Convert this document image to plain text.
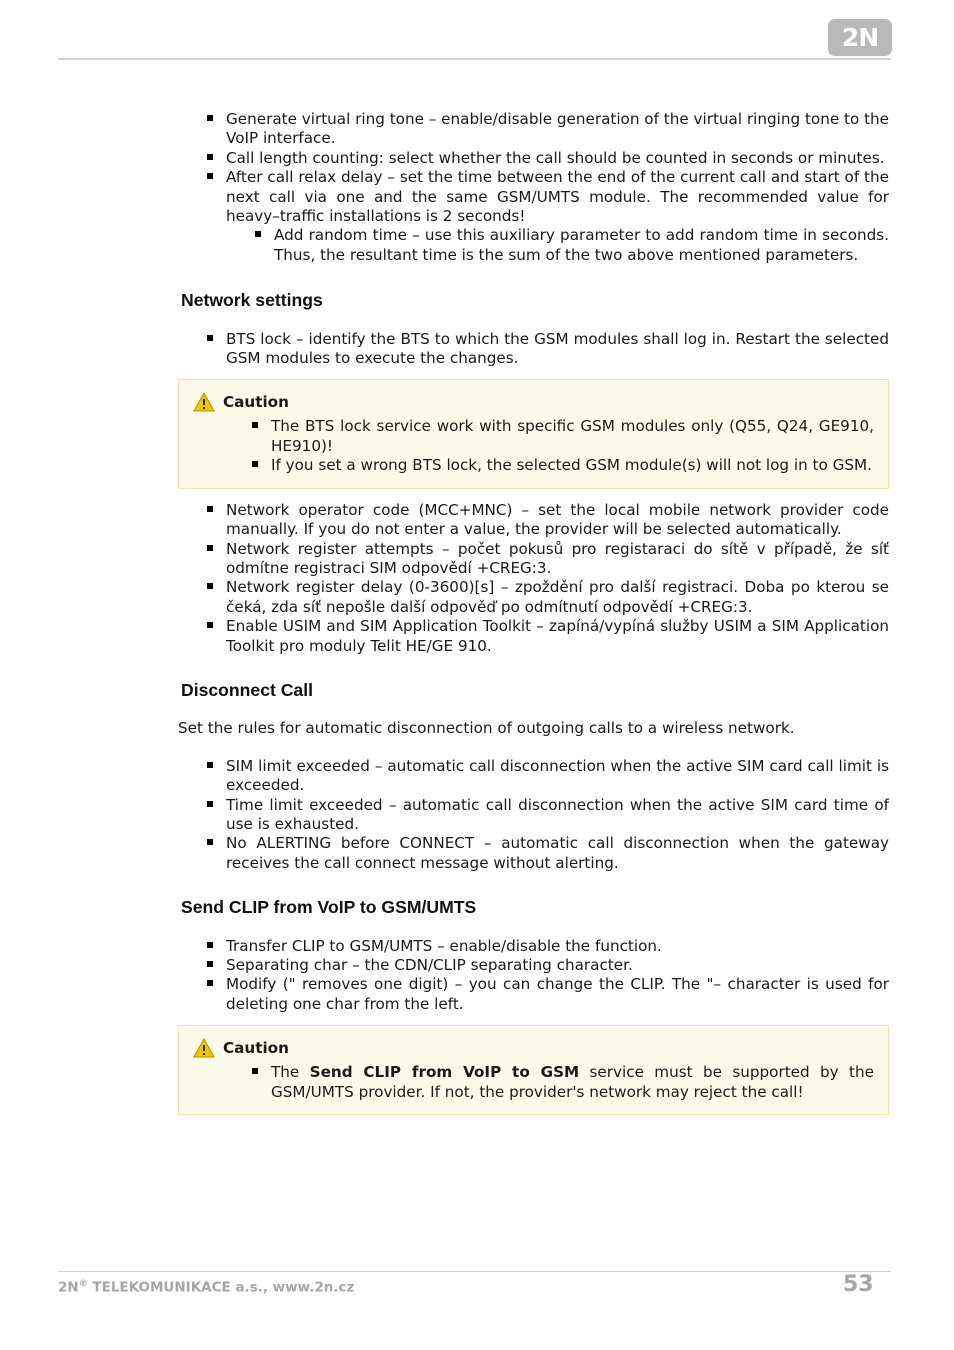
2N
Generate virtual ring tone – enable/disable generation of the virtual ringing tone to the VoIP interface.
Call length counting: select whether the call should be counted in seconds or minutes.
After call relax delay – set the time between the end of the current call and start of the next call via one and the same GSM/UMTS module. The recommended value for heavy–traffic installations is 2 seconds!
Add random time – use this auxiliary parameter to add random time in seconds. Thus, the resultant time is the sum of the two above mentioned parameters.
Network settings
BTS lock – identify the BTS to which the GSM modules shall log in. Restart the selected GSM modules to execute the changes.
Caution
The BTS lock service work with specific GSM modules only (Q55, Q24, GE910, HE910)!
If you set a wrong BTS lock, the selected GSM module(s) will not log in to GSM.
Network operator code (MCC+MNC) – set the local mobile network provider code manually. If you do not enter a value, the provider will be selected automatically.
Network register attempts – počet pokusů pro registaraci do sítě v případě, že síť odmítne registraci SIM odpovědí +CREG:3.
Network register delay (0-3600)[s] – zpoždění pro další registraci. Doba po kterou se čeká, zda síť nepošle další odpověď po odmítnutí odpovědí +CREG:3.
Enable USIM and SIM Application Toolkit – zapíná/vypíná služby USIM a SIM Application Toolkit pro moduly Telit HE/GE 910.
Disconnect Call

Set the rules for automatic disconnection of outgoing calls to a wireless network.

SIM limit exceeded – automatic call disconnection when the active SIM card call limit is exceeded.
Time limit exceeded – automatic call disconnection when the active SIM card time of use is exhausted.
No ALERTING before CONNECT – automatic call disconnection when the gateway receives the call connect message without alerting.
Send CLIP from VoIP to GSM/UMTS
Transfer CLIP to GSM/UMTS – enable/disable the function.
Separating char – the CDN/CLIP separating character.
Modify (" removes one digit) – you can change the CLIP. The "– character is used for deleting one char from the left.
Caution
The Send CLIP from VoIP to GSM service must be supported by the GSM/UMTS provider. If not, the provider's network may reject the call!
2N® TELEKOMUNIKACE a.s., www.2n.cz	53
